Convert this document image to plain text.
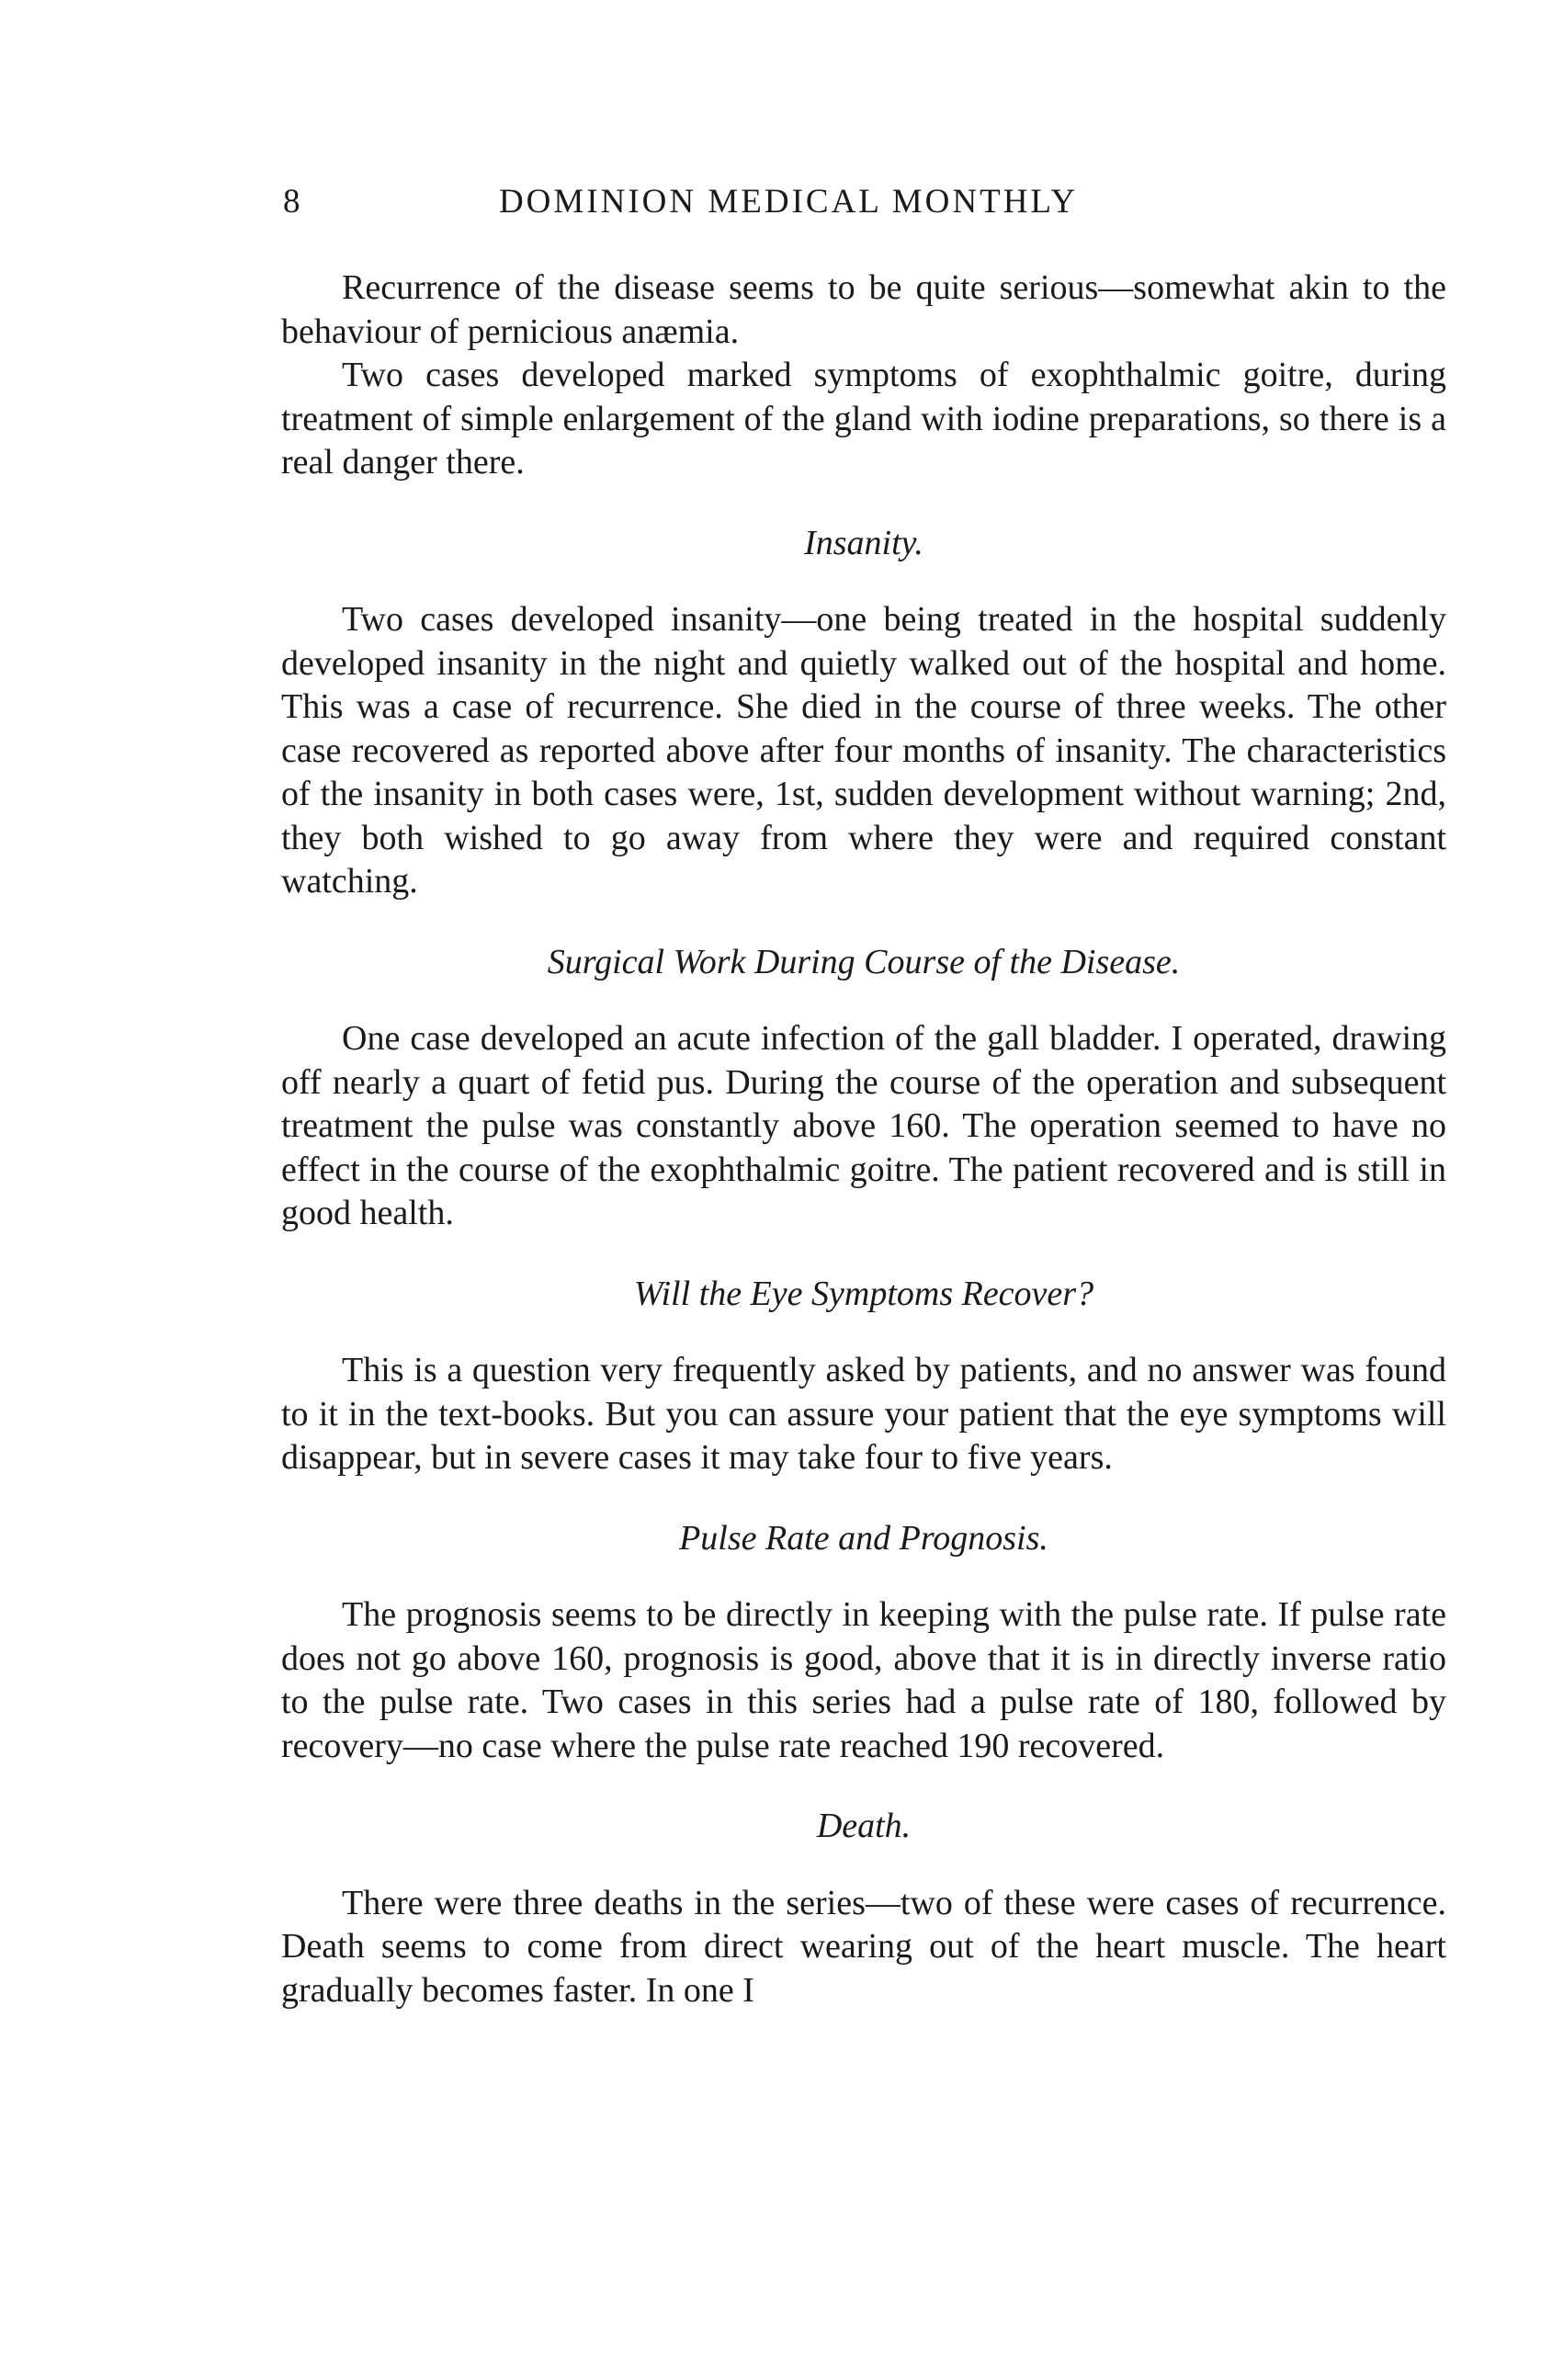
8	DOMINION MEDICAL MONTHLY

Recurrence of the disease seems to be quite serious—somewhat akin to the behaviour of pernicious anæmia.

Two cases developed marked symptoms of exophthalmic goitre, during treatment of simple enlargement of the gland with iodine preparations, so there is a real danger there.

Insanity.

Two cases developed insanity—one being treated in the hospital suddenly developed insanity in the night and quietly walked out of the hospital and home. This was a case of recurrence. She died in the course of three weeks. The other case recovered as reported above after four months of insanity. The characteristics of the insanity in both cases were, 1st, sudden development without warning; 2nd, they both wished to go away from where they were and required constant watching.

Surgical Work During Course of the Disease.

One case developed an acute infection of the gall bladder. I operated, drawing off nearly a quart of fetid pus. During the course of the operation and subsequent treatment the pulse was constantly above 160. The operation seemed to have no effect in the course of the exophthalmic goitre. The patient recovered and is still in good health.

Will the Eye Symptoms Recover?

This is a question very frequently asked by patients, and no answer was found to it in the text-books. But you can assure your patient that the eye symptoms will disappear, but in severe cases it may take four to five years.

Pulse Rate and Prognosis.

The prognosis seems to be directly in keeping with the pulse rate. If pulse rate does not go above 160, prognosis is good, above that it is in directly inverse ratio to the pulse rate. Two cases in this series had a pulse rate of 180, followed by recovery—no case where the pulse rate reached 190 recovered.

Death.

There were three deaths in the series—two of these were cases of recurrence. Death seems to come from direct wearing out of the heart muscle. The heart gradually becomes faster. In one I
